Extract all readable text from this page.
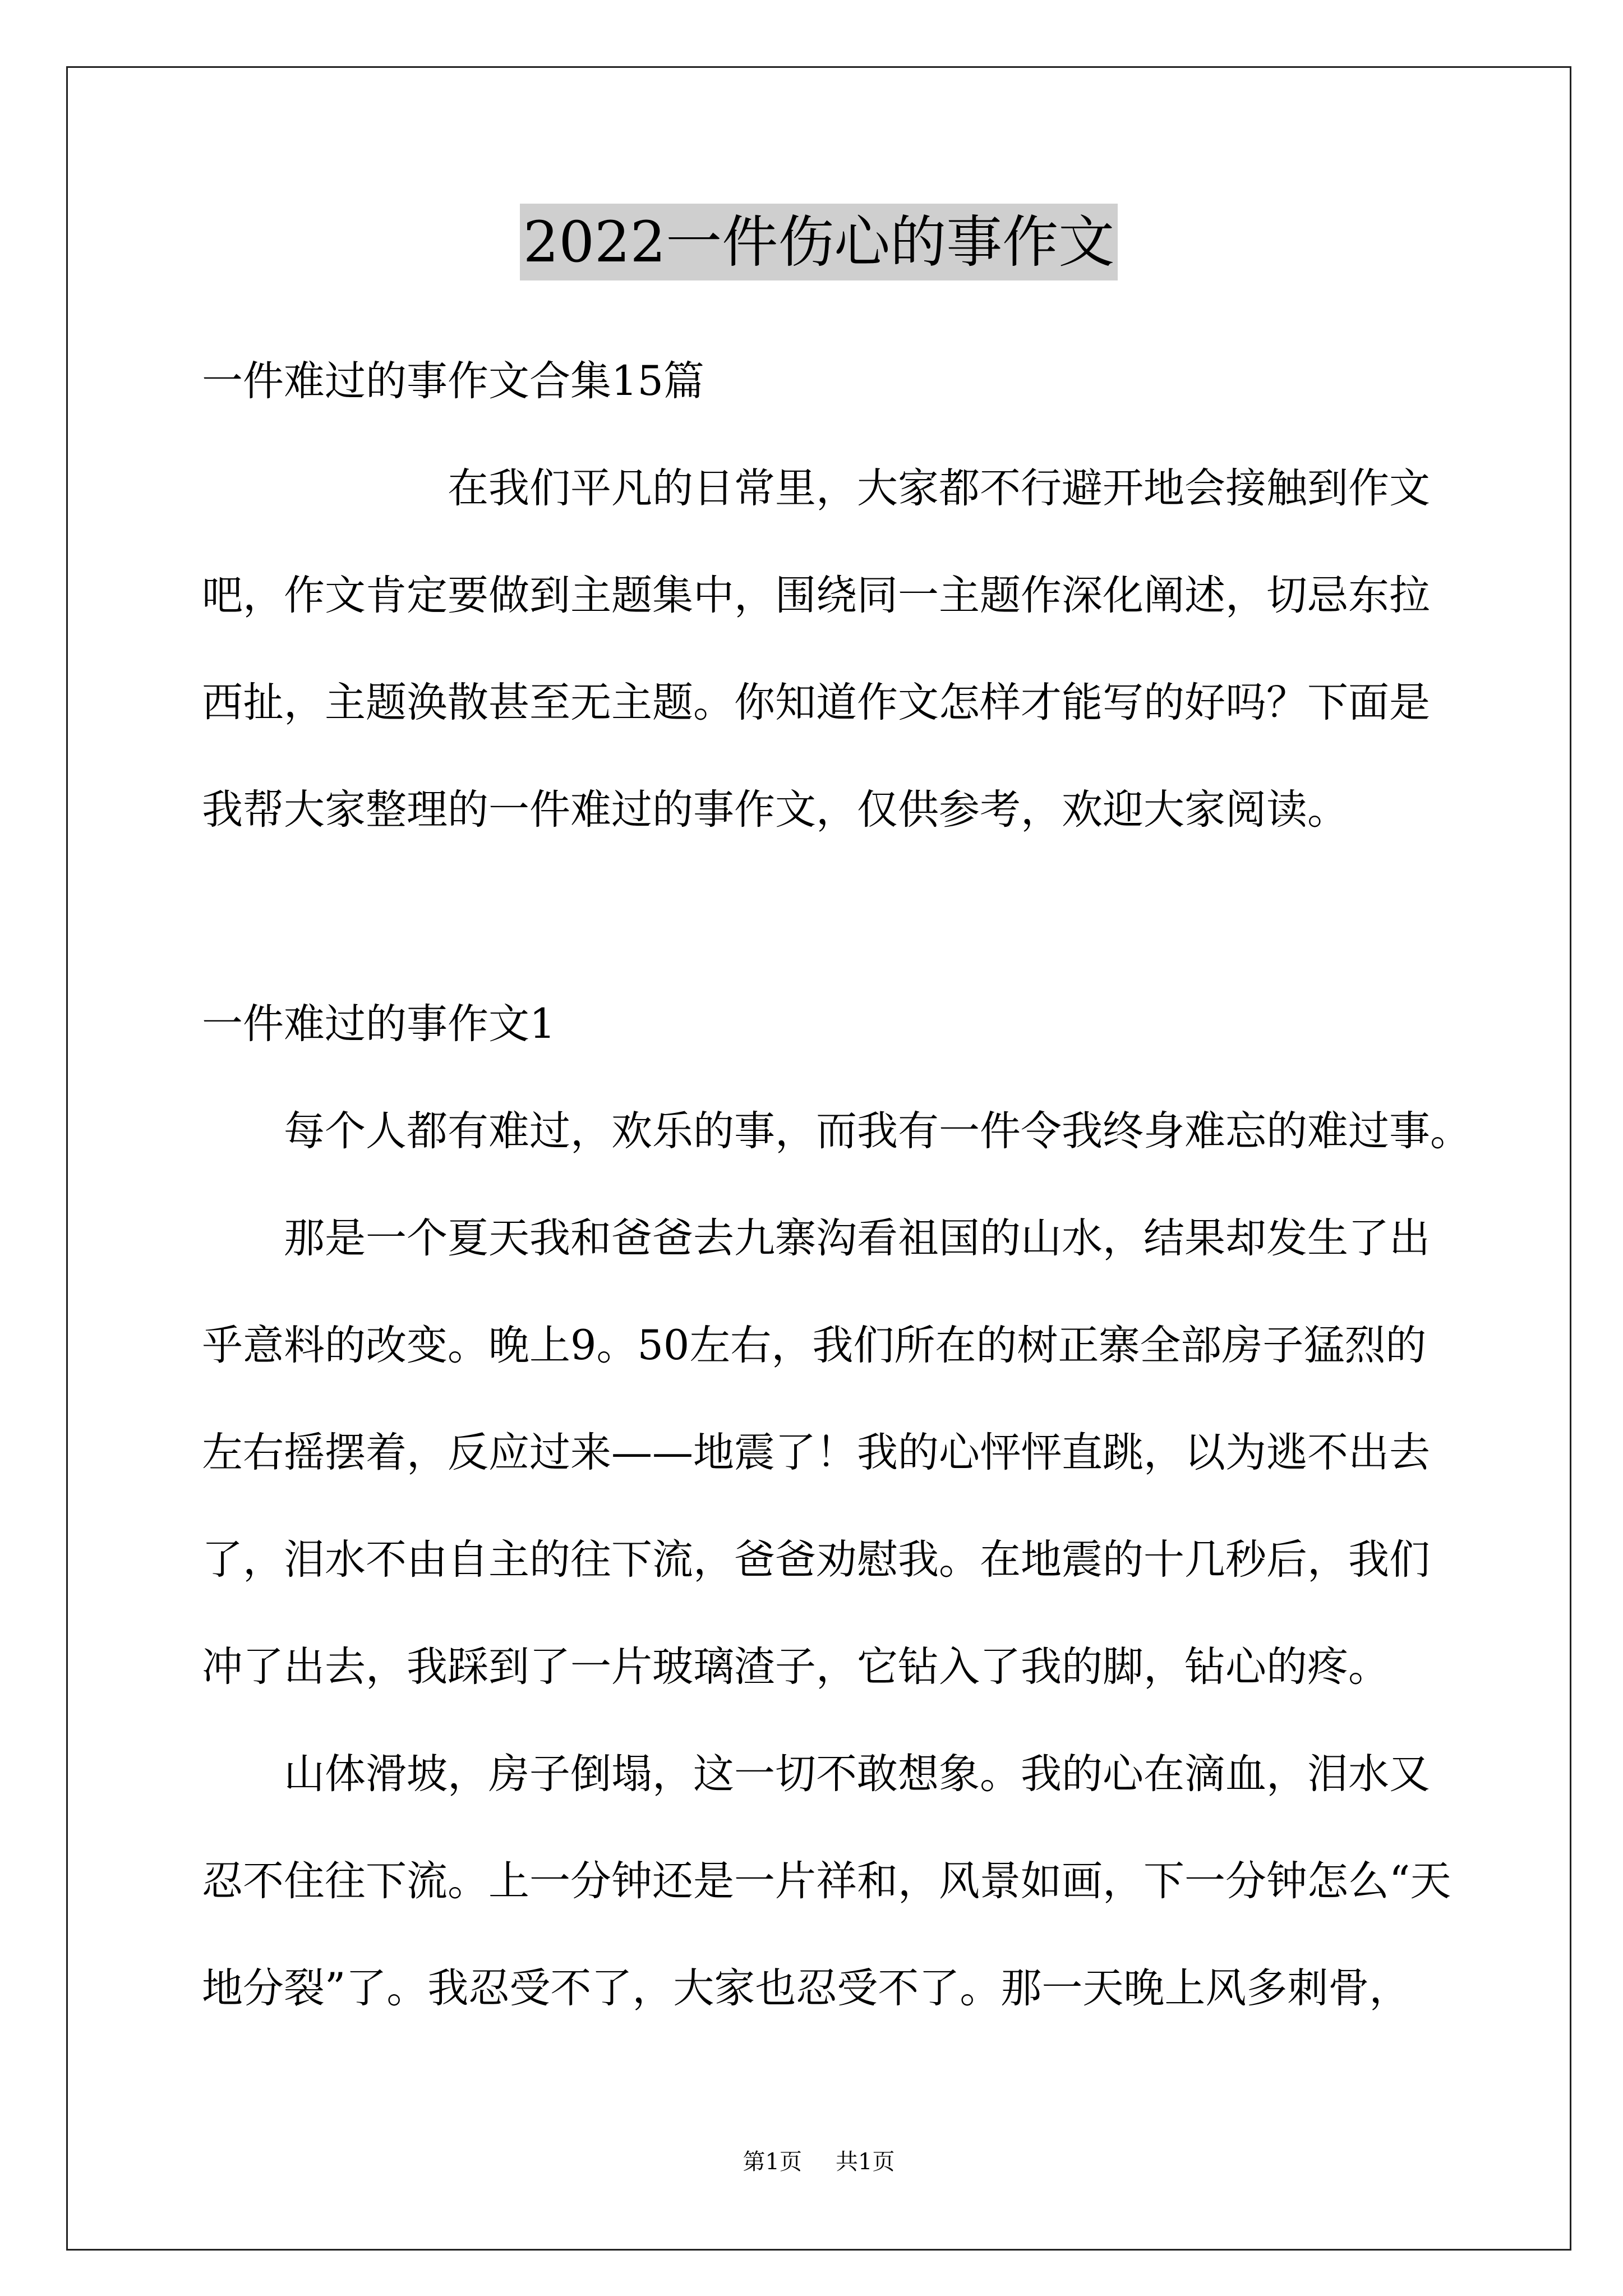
2022一件伤心的事作文
一件难过的事作文合集15篇
在我们平凡的日常里，大家都不行避开地会接触到作文
吧，作文肯定要做到主题集中，围绕同一主题作深化阐述，切忌东拉
西扯，主题涣散甚至无主题。你知道作文怎样才能写的好吗？下面是
我帮大家整理的一件难过的事作文，仅供参考，欢迎大家阅读。
一件难过的事作文1
每个人都有难过，欢乐的事，而我有一件令我终身难忘的难过事。
那是一个夏天我和爸爸去九寨沟看祖国的山水，结果却发生了出
乎意料的改变。晚上9。50左右，我们所在的树正寨全部房子猛烈的
左右摇摆着，反应过来——地震了！我的心怦怦直跳，以为逃不出去
了，泪水不由自主的往下流，爸爸劝慰我。在地震的十几秒后，我们
冲了出去，我踩到了一片玻璃渣子，它钻入了我的脚，钻心的疼。
山体滑坡，房子倒塌，这一切不敢想象。我的心在滴血，泪水又
忍不住往下流。上一分钟还是一片祥和，风景如画，下一分钟怎么“天
地分裂”了。我忍受不了，大家也忍受不了。那一天晚上风多刺骨，
第1页 共1页
